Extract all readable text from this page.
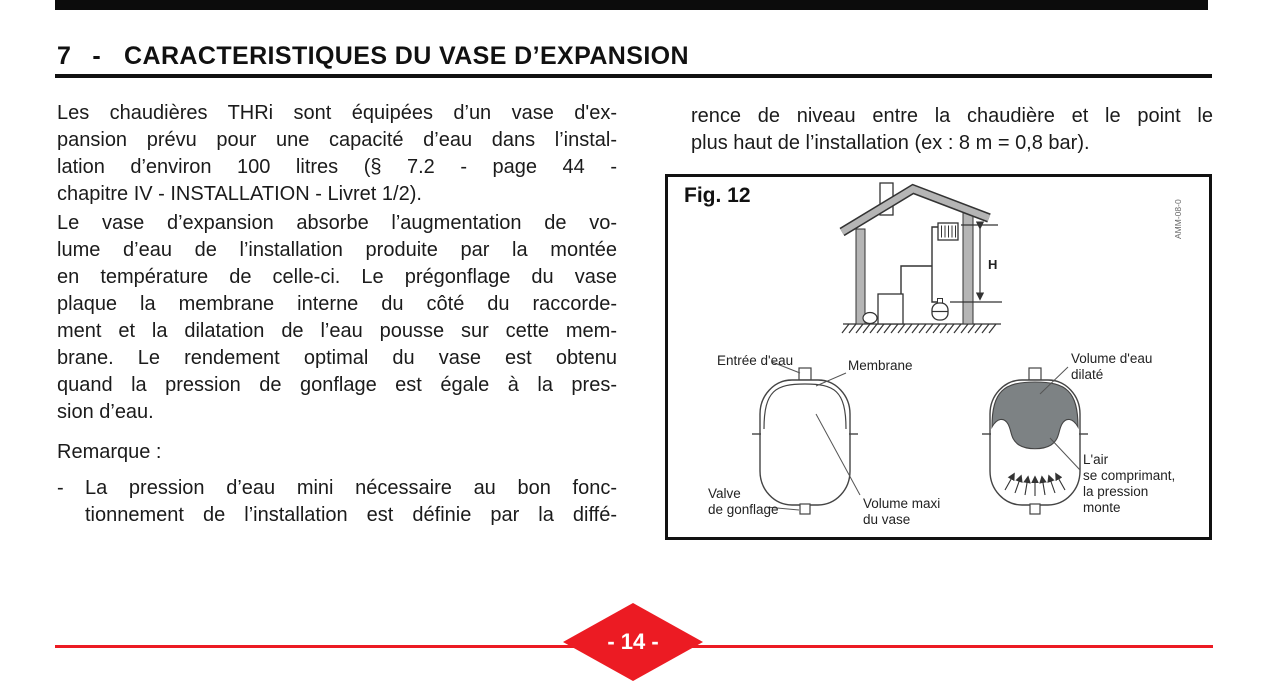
7 - CARACTERISTIQUES DU VASE D’EXPANSION
Les chaudières THRi sont équipées d’un vase d'ex-
pansion prévu pour une capacité d’eau dans l’instal-
lation d’environ 100 litres (§ 7.2 - page 44 -
chapitre IV - INSTALLATION - Livret 1/2).
Le vase d’expansion absorbe l’augmentation de vo-
lume d’eau de l’installation produite par la montée
en température de celle-ci. Le prégonflage du vase
plaque la membrane interne du côté du raccorde-
ment et la dilatation de l’eau pousse sur cette mem-
brane. Le rendement optimal du vase est obtenu
quand la pression de gonflage est égale à la pres-
sion d’eau.
Remarque :
- La pression d’eau mini nécessaire au bon fonc-
tionnement de l’installation est définie par la diffé-
rence de niveau entre la chaudière et le point le
plus haut de l’installation (ex : 8 m = 0,8 bar).
Fig. 12
H
AMM-08-0
Entrée d'eau	Membrane
Valve
de gonflage	Volume maxi
du vase
Volume d'eau
dilaté
L'air
se comprimant,
la pression
monte
- 14 -
